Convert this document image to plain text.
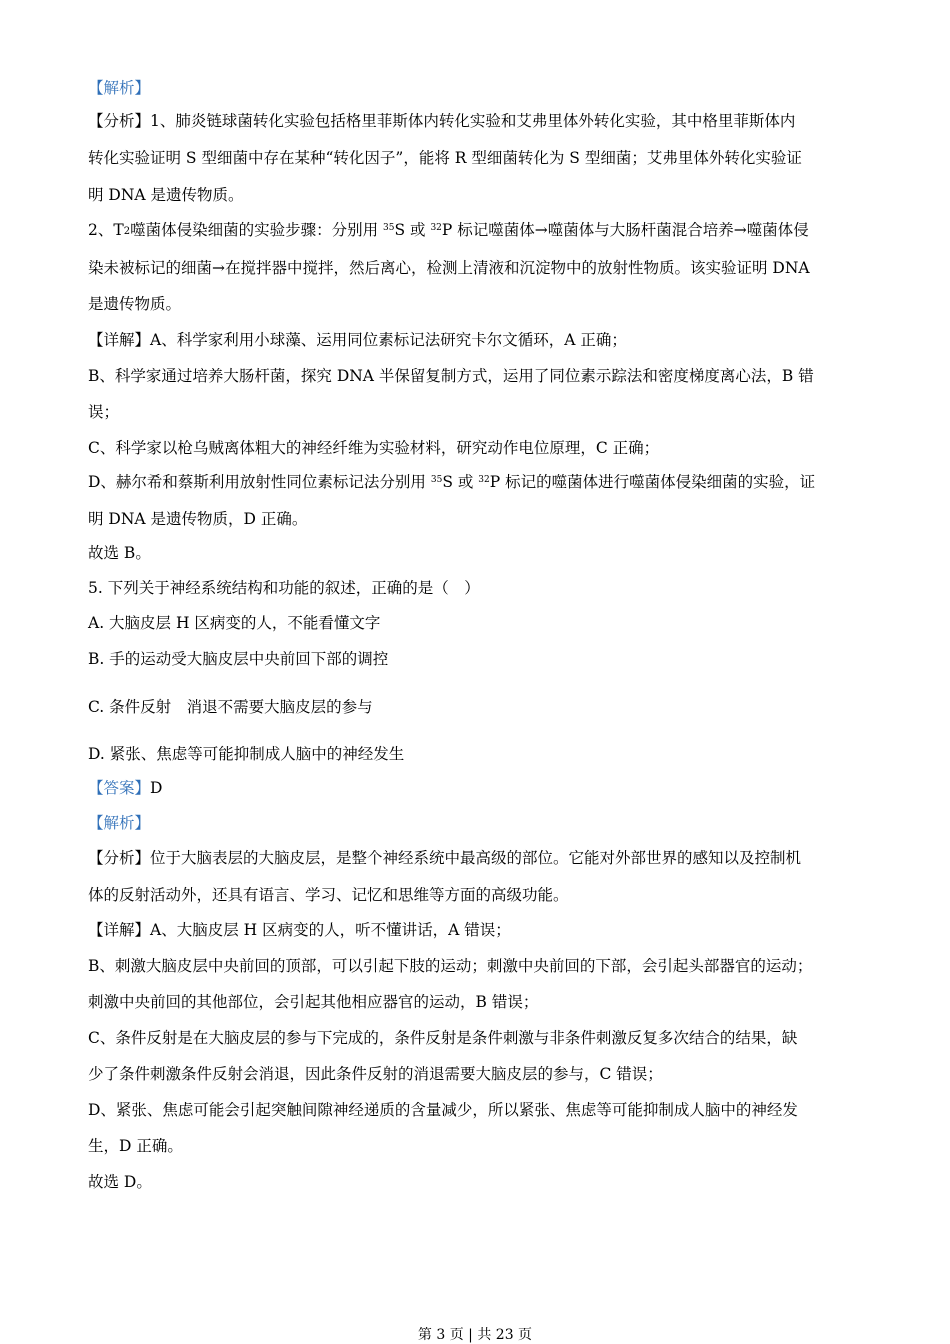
【解析】
【分析】1、肺炎链球菌转化实验包括格里菲斯体内转化实验和艾弗里体外转化实验，其中格里菲斯体内
转化实验证明 S 型细菌中存在某种“转化因子”，能将 R 型细菌转化为 S 型细菌；艾弗里体外转化实验证
明 DNA 是遗传物质。
2、$T_2$噬菌体侵染细菌的实验步骤：分别用 $^{35}$S 或 $^{32}$P 标记噬菌体→噬菌体与大肠杆菌混合培养→噬菌体侵
染未被标记的细菌→在搅拌器中搅拌，然后离心，检测上清液和沉淀物中的放射性物质。该实验证明 DNA
是遗传物质。
【详解】A、科学家利用小球藻、运用同位素标记法研究卡尔文循环，A 正确；
B、科学家通过培养大肠杆菌，探究 DNA 半保留复制方式，运用了同位素示踪法和密度梯度离心法，B 错
误；
C、科学家以枪乌贼离体粗大的神经纤维为实验材料，研究动作电位原理，C 正确；
D、赫尔希和蔡斯利用放射性同位素标记法分别用 $^{35}$S 或 $^{32}$P 标记的噬菌体进行噬菌体侵染细菌的实验，证
明 DNA 是遗传物质，D 正确。
故选 B。
5. 下列关于神经系统结构和功能的叙述，正确的是（　）
A. 大脑皮层 H 区病变的人，不能看懂文字
B. 手的运动受大脑皮层中央前回下部的调控
C. 条件反射　消退不需要大脑皮层的参与
D. 紧张、焦虑等可能抑制成人脑中的神经发生
【答案】D
【解析】
【分析】位于大脑表层的大脑皮层，是整个神经系统中最高级的部位。它能对外部世界的感知以及控制机
体的反射活动外，还具有语言、学习、记忆和思维等方面的高级功能。
【详解】A、大脑皮层 H 区病变的人，听不懂讲话，A 错误；
B、刺激大脑皮层中央前回的顶部，可以引起下肢的运动；刺激中央前回的下部，会引起头部器官的运动；
刺激中央前回的其他部位，会引起其他相应器官的运动，B 错误；
C、条件反射是在大脑皮层的参与下完成的，条件反射是条件刺激与非条件刺激反复多次结合的结果，缺
少了条件刺激条件反射会消退，因此条件反射的消退需要大脑皮层的参与，C 错误；
D、紧张、焦虑可能会引起突触间隙神经递质的含量减少，所以紧张、焦虑等可能抑制成人脑中的神经发
生，D 正确。
故选 D。
第 3 页 | 共 23 页
